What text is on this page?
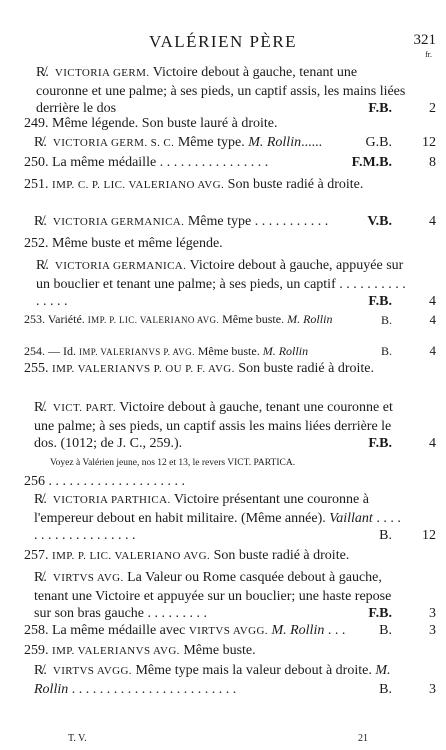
VALÉRIEN PÈRE	321
fr.
R̸. VICTORIA GERM. Victoire debout à gauche, tenant une couronne et une palme; à ses pieds, un captif assis, les mains liées derrière le dos	F.B.	2
249. Même légende. Son buste lauré à droite.
R̸. VICTORIA GERM. S. C. Même type. M. Rollin......	G.B. 12
250. La même médaille . . . . . . . . . . . . . . . .	F.M.B.	8
251. IMP. C. P. LIC. VALERIANO AVG. Son buste radié à droite.
R̸. VICTORIA GERMANICA. Même type . . . . . . . . . . .	V.B.	4
252. Même buste et même légende.
R̸. VICTORIA GERMANICA. Victoire debout à gauche, appuyée sur un bouclier et tenant une palme; à ses pieds, un captif . . . . . . . . . . . . . . .	F.B.	4
253. Variété. IMP. P. LIC. VALERIANO AVG. Même buste. M. Rollin	B.	4
254. — Id. IMP. VALERIANVS P. AVG. Même buste. M. Rollin	B.	4
255. IMP. VALERIANVS P. OU P. F. AVG. Son buste radié à droite.
R̸. VICT. PART. Victoire debout à gauche, tenant une couronne et une palme; à ses pieds, un captif assis les mains liées derrière le dos. (1012; de J. C., 259.).	F.B.	4
Voyez à Valérien jeune, nos 12 et 13, le revers VICT. PARTICA.
256 . . . . . . . . . . . . . . . . . . . .
R̸. VICTORIA PARTHICA. Victoire présentant une couronne à l'empereur debout en habit militaire. (Même année). Vaillant . . . . . . . . . . . . . . . . . . .	B. 12
257. IMP. P. LIC. VALERIANO AVG. Son buste radié à droite.
R̸. VIRTVS AVG. La Valeur ou Rome casquée debout à gauche, tenant une Victoire et appuyée sur un bouclier; une haste repose sur son bras gauche . . . . . . . . .	F.B.	3
258. La même médaille avec VIRTVS AVGG. M. Rollin . . . B.	3
259. IMP. VALERIANVS AVG. Même buste.
R̸. VIRTVS AVGG. Même type mais la valeur debout à droite. M. Rollin . . . . . . . . . . . . . . . . . . . . . . . .	B.	3
T. V.	21
